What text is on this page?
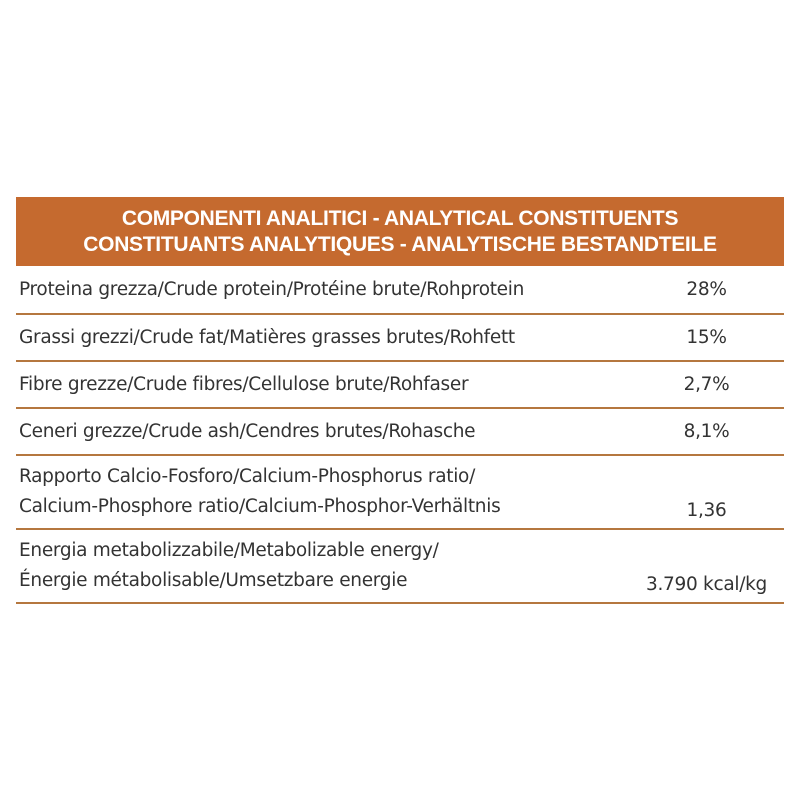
COMPONENTI ANALITICI - ANALYTICAL CONSTITUENTS
CONSTITUANTS ANALYTIQUES - ANALYTISCHE BESTANDTEILE
Proteina grezza/Crude protein/Protéine brute/Rohprotein	28%
Grassi grezzi/Crude fat/Matières grasses brutes/Rohfett	15%
Fibre grezze/Crude fibres/Cellulose brute/Rohfaser	2,7%
Ceneri grezze/Crude ash/Cendres brutes/Rohasche	8,1%
Rapporto Calcio-Fosforo/Calcium-Phosphorus ratio/
Calcium-Phosphore ratio/Calcium-Phosphor-Verhältnis	1,36
Energia metabolizzabile/Metabolizable energy/
Énergie métabolisable/Umsetzbare energie	3.790 kcal/kg
